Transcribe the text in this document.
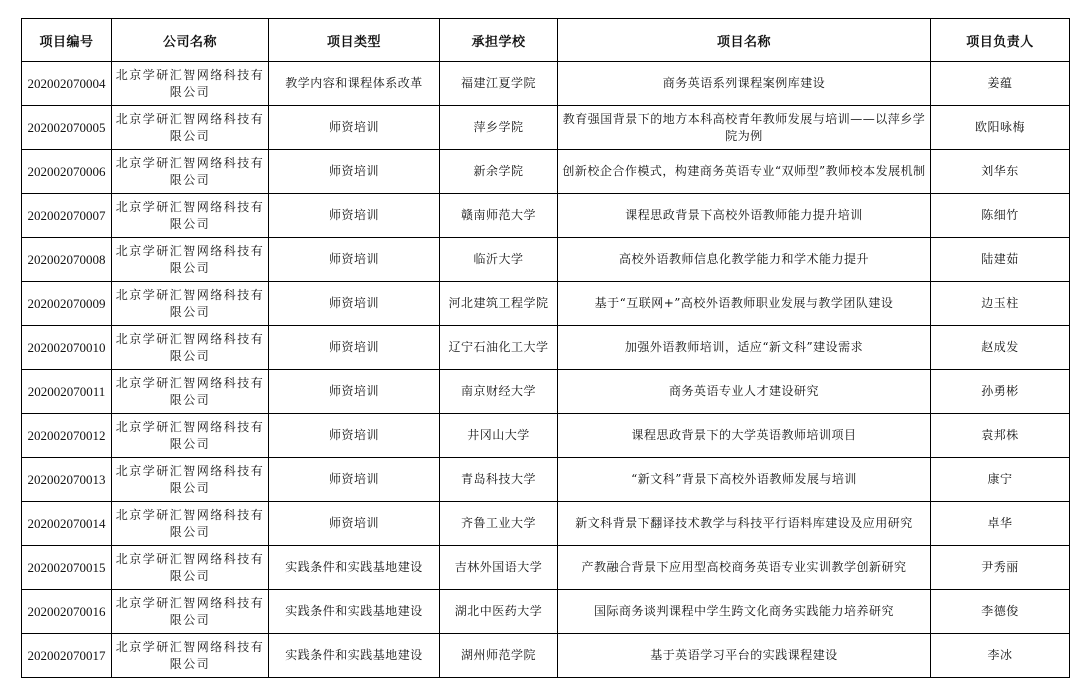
项目编号	公司名称	项目类型	承担学校	项目名称	项目负责人
202002070004	北京学研汇智网络科技有限公司	教学内容和课程体系改革	福建江夏学院	商务英语系列课程案例库建设	姜蕴
202002070005	北京学研汇智网络科技有限公司	师资培训	萍乡学院	教育强国背景下的地方本科高校青年教师发展与培训——以萍乡学院为例	欧阳咏梅
202002070006	北京学研汇智网络科技有限公司	师资培训	新余学院	创新校企合作模式，构建商务英语专业“双师型”教师校本发展机制	刘华东
202002070007	北京学研汇智网络科技有限公司	师资培训	赣南师范大学	课程思政背景下高校外语教师能力提升培训	陈细竹
202002070008	北京学研汇智网络科技有限公司	师资培训	临沂大学	高校外语教师信息化教学能力和学术能力提升	陆建茹
202002070009	北京学研汇智网络科技有限公司	师资培训	河北建筑工程学院	基于“互联网+”高校外语教师职业发展与教学团队建设	边玉柱
202002070010	北京学研汇智网络科技有限公司	师资培训	辽宁石油化工大学	加强外语教师培训，适应“新文科”建设需求	赵成发
202002070011	北京学研汇智网络科技有限公司	师资培训	南京财经大学	商务英语专业人才建设研究	孙勇彬
202002070012	北京学研汇智网络科技有限公司	师资培训	井冈山大学	课程思政背景下的大学英语教师培训项目	袁邦株
202002070013	北京学研汇智网络科技有限公司	师资培训	青岛科技大学	“新文科”背景下高校外语教师发展与培训	康宁
202002070014	北京学研汇智网络科技有限公司	师资培训	齐鲁工业大学	新文科背景下翻译技术教学与科技平行语料库建设及应用研究	卓华
202002070015	北京学研汇智网络科技有限公司	实践条件和实践基地建设	吉林外国语大学	产教融合背景下应用型高校商务英语专业实训教学创新研究	尹秀丽
202002070016	北京学研汇智网络科技有限公司	实践条件和实践基地建设	湖北中医药大学	国际商务谈判课程中学生跨文化商务实践能力培养研究	李德俊
202002070017	北京学研汇智网络科技有限公司	实践条件和实践基地建设	湖州师范学院	基于英语学习平台的实践课程建设	李冰
